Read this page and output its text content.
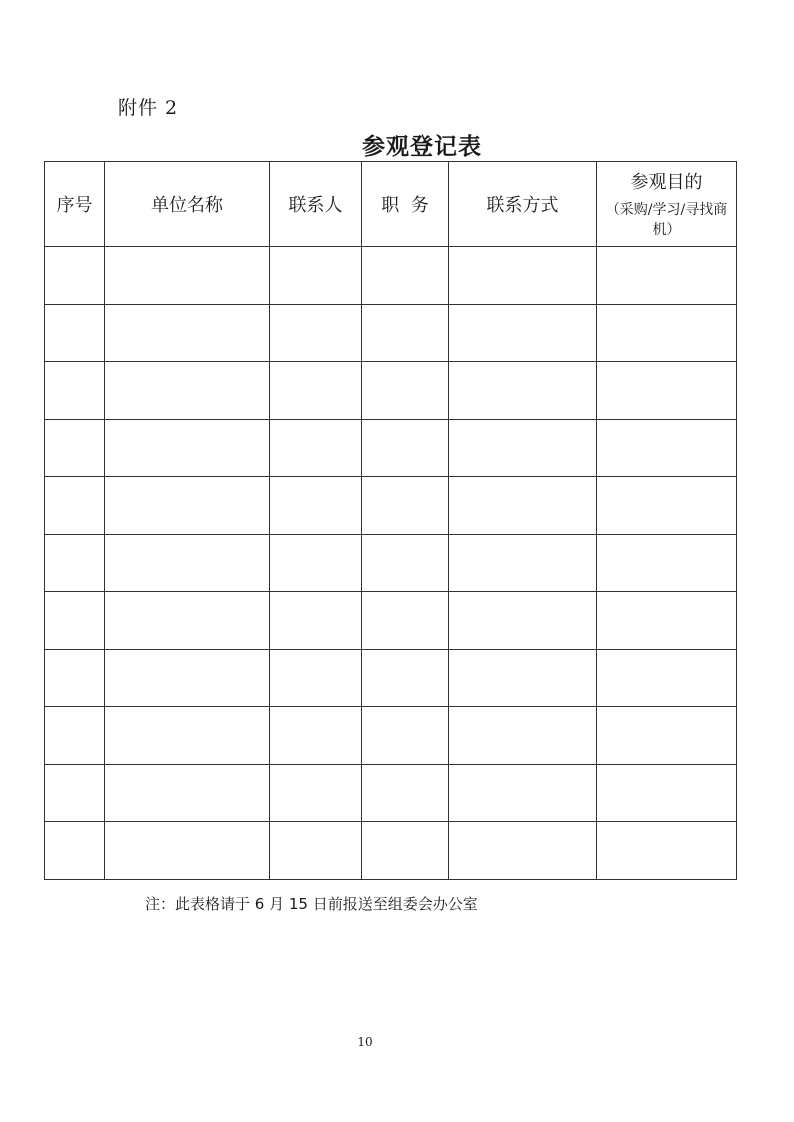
附件 2
参观登记表
序号	单位名称	联系人	职  务	联系方式	参观目的
（采购/学习/寻找商机）

注：此表格请于 6 月 15 日前报送至组委会办公室
10
